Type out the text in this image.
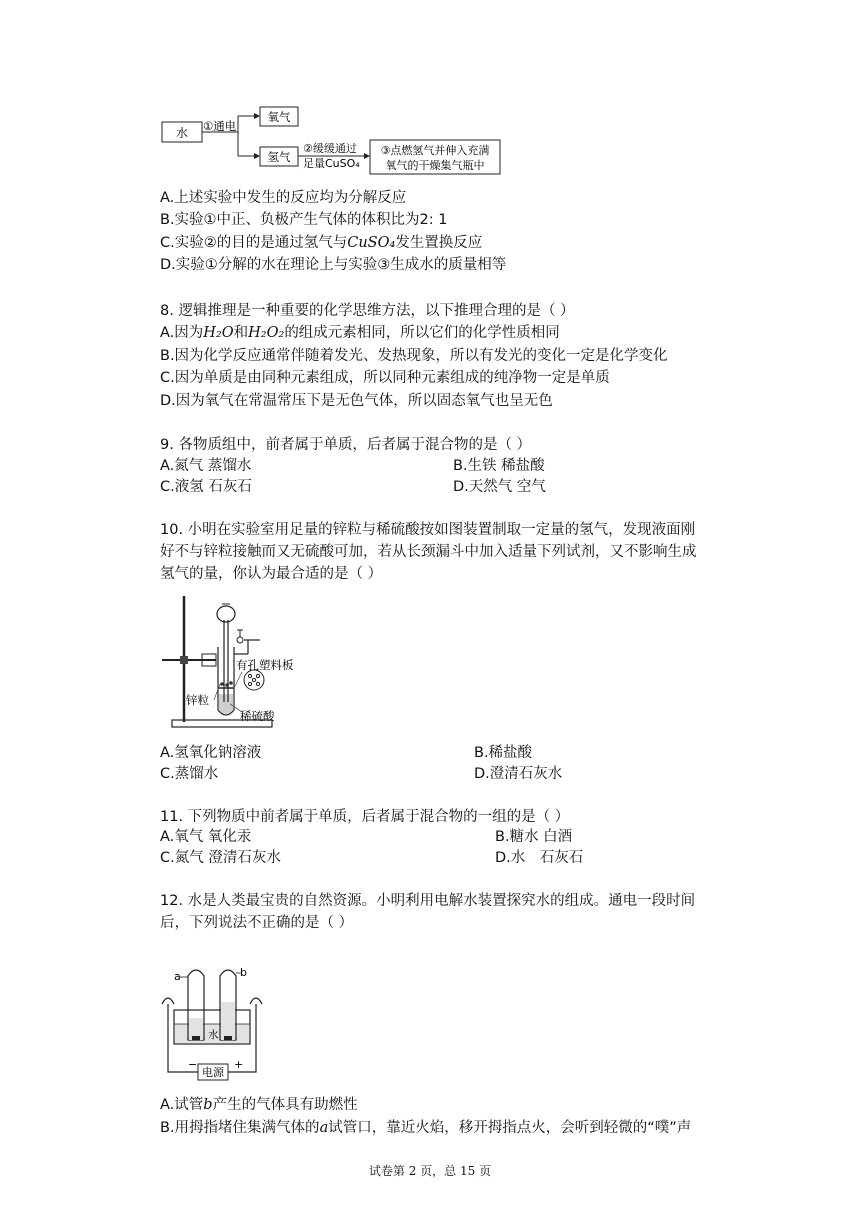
水 ①通电
氧气
氢气
②缓缓通过
足量CuSO₄
③点燃氢气并伸入充满
氧气的干燥集气瓶中
A.上述实验中发生的反应均为分解反应
B.实验①中正、负极产生气体的体积比为2: 1
C.实验②的目的是通过氢气与CuSO₄发生置换反应
D.实验①分解的水在理论上与实验③生成水的质量相等
8. 逻辑推理是一种重要的化学思维方法，以下推理合理的是（ ）
A.因为H₂O和H₂O₂的组成元素相同，所以它们的化学性质相同
B.因为化学反应通常伴随着发光、发热现象，所以有发光的变化一定是化学变化
C.因为单质是由同种元素组成，所以同种元素组成的纯净物一定是单质
D.因为氧气在常温常压下是无色气体，所以固态氧气也呈无色
9. 各物质组中，前者属于单质，后者属于混合物的是（ ）
A.氮气 蒸馏水	B.生铁 稀盐酸
C.液氢 石灰石	D.天然气 空气
10. 小明在实验室用足量的锌粒与稀硫酸按如图装置制取一定量的氢气，发现液面刚
好不与锌粒接触而又无硫酸可加，若从长颈漏斗中加入适量下列试剂，又不影响生成
氢气的量，你认为最合适的是（ ）
有孔塑料板
锌粒
稀硫酸
A.氢氧化钠溶液	B.稀盐酸
C.蒸馏水	D.澄清石灰水
11. 下列物质中前者属于单质，后者属于混合物的一组的是（ ）
A.氧气 氧化汞	B.糖水 白酒
C.氮气 澄清石灰水	D.水　石灰石
12. 水是人类最宝贵的自然资源。小明利用电解水装置探究水的组成。通电一段时间
后，下列说法不正确的是（ ）
a	b
水
电源
−	+
A.试管b产生的气体具有助燃性
B.用拇指堵住集满气体的a试管口，靠近火焰，移开拇指点火，会听到轻微的“噗”声
试卷第 2 页，总 15 页
